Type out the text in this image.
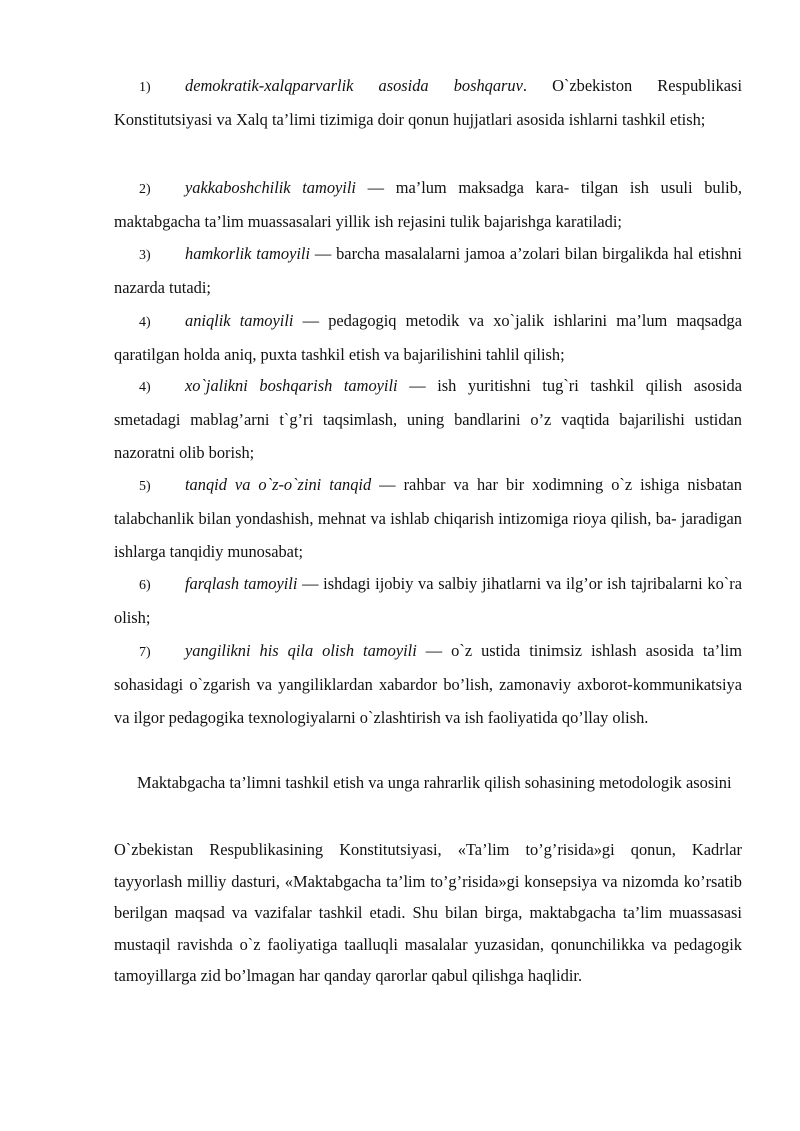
1) demokratik-xalqparvarlik asosida boshqaruv. O`zbekiston Respublikasi Konstitutsiyasi va Xalq ta’limi tizimiga doir qonun hujjatlari asosida ishlarni tashkil etish;

2) yakkaboshchilik tamoyili — ma’lum maksadga kara- tilgan ish usuli bulib, maktabgacha ta’lim muassasalari yillik ish rejasini tulik bajarishga karatiladi;

3) hamkorlik tamoyili — barcha masalalarni jamoa a’zolari bilan birgalikda hal etishni nazarda tutadi;

4) aniqlik tamoyili — pedagogiq metodik va xo`jalik ishlarini ma’lum maqsadga qaratilgan holda aniq, puxta tashkil etish va bajarilishini tahlil qilish;

4) xo`jalikni boshqarish tamoyili — ish yuritishni tug`ri tashkil qilish asosida smetadagi mablag’arni t`g’ri taqsimlash, uning bandlarini o’z vaqtida bajarilishi ustidan nazoratni olib borish;

5) tanqid va o`z-o`zini tanqid — rahbar va har bir xodimning o`z ishiga nisbatan talabchanlik bilan yondashish, mehnat va ishlab chiqarish intizomiga rioya qilish, ba- jaradigan ishlarga tanqidiy munosabat;

6) farqlash tamoyili — ishdagi ijobiy va salbiy jihatlarni va ilg’or ish tajribalarni ko`ra olish;

7) yangilikni his qila olish tamoyili — o`z ustida tinimsiz ishlash asosida ta’lim sohasidagi o`zgarish va yangiliklardan xabardor bo’lish, zamonaviy axborot-kommunikatsiya va ilgor pedagogika texnologiyalarni o`zlashtirish va ish faoliyatida qo’llay olish.

Maktabgacha ta’limni tashkil etish va unga rahrarlik qilish sohasining metodologik asosini

O`zbekistan Respublikasining Konstitutsiyasi, «Ta’lim to’g’risida»gi qonun, Kadrlar tayyorlash milliy dasturi, «Maktabgacha ta’lim to’g’risida»gi konsepsiya va nizomda ko’rsatib berilgan maqsad va vazifalar tashkil etadi. Shu bilan birga, maktabgacha ta’lim muassasasi mustaqil ravishda o`z faoliyatiga taalluqli masalalar yuzasidan, qonunchilikka va pedagogik tamoyillarga zid bo’lmagan har qanday qarorlar qabul qilishga haqlidir.
